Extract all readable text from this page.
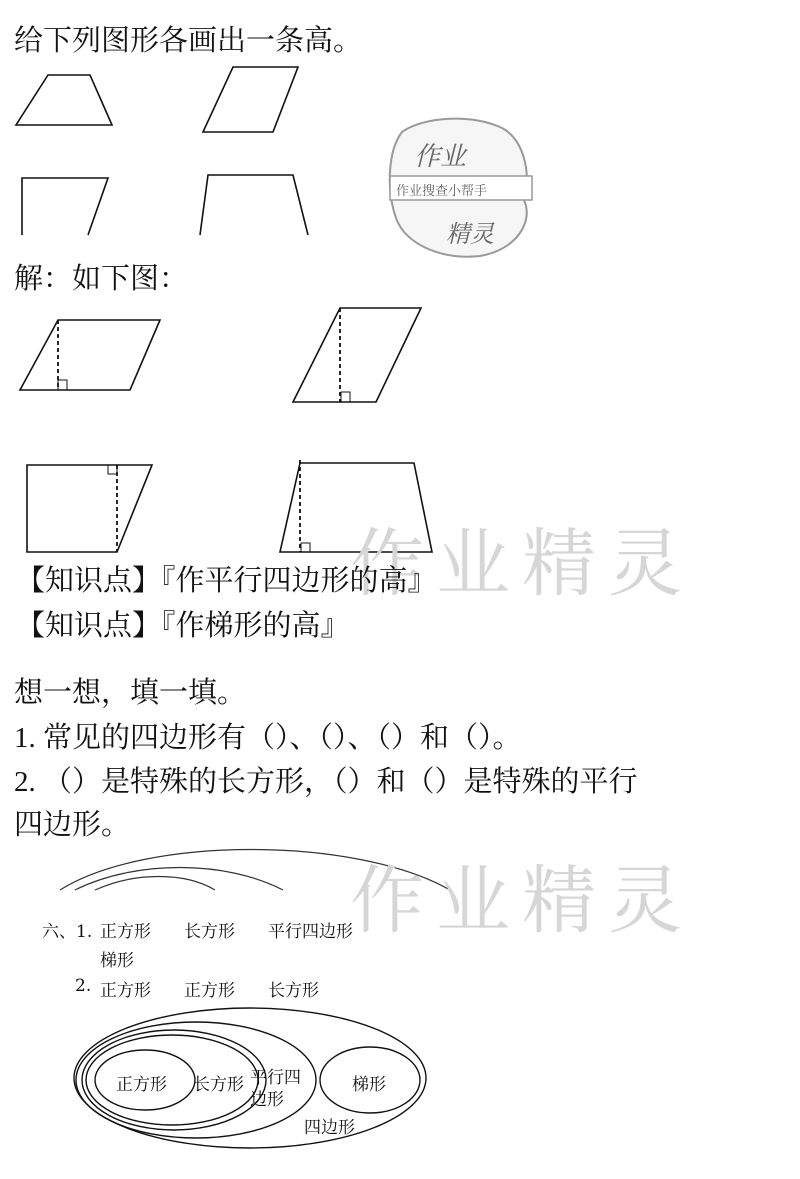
给下列图形各画出一条高。
作业
作业搜查小帮手
精灵
解：如下图：
作业精灵
【知识点】『作平行四边形的高』
【知识点】『作梯形的高』
想一想，填一填。
1. 常见的四边形有（）、（）、（）和（）。
2. （）是特殊的长方形，（）和（）是特殊的平行
四边形。
作业精灵
六、1. 正方形 长方形 平行四边形
梯形
2. 正方形 正方形 长方形
正方形 长方形 平行四
边形
梯形
四边形
